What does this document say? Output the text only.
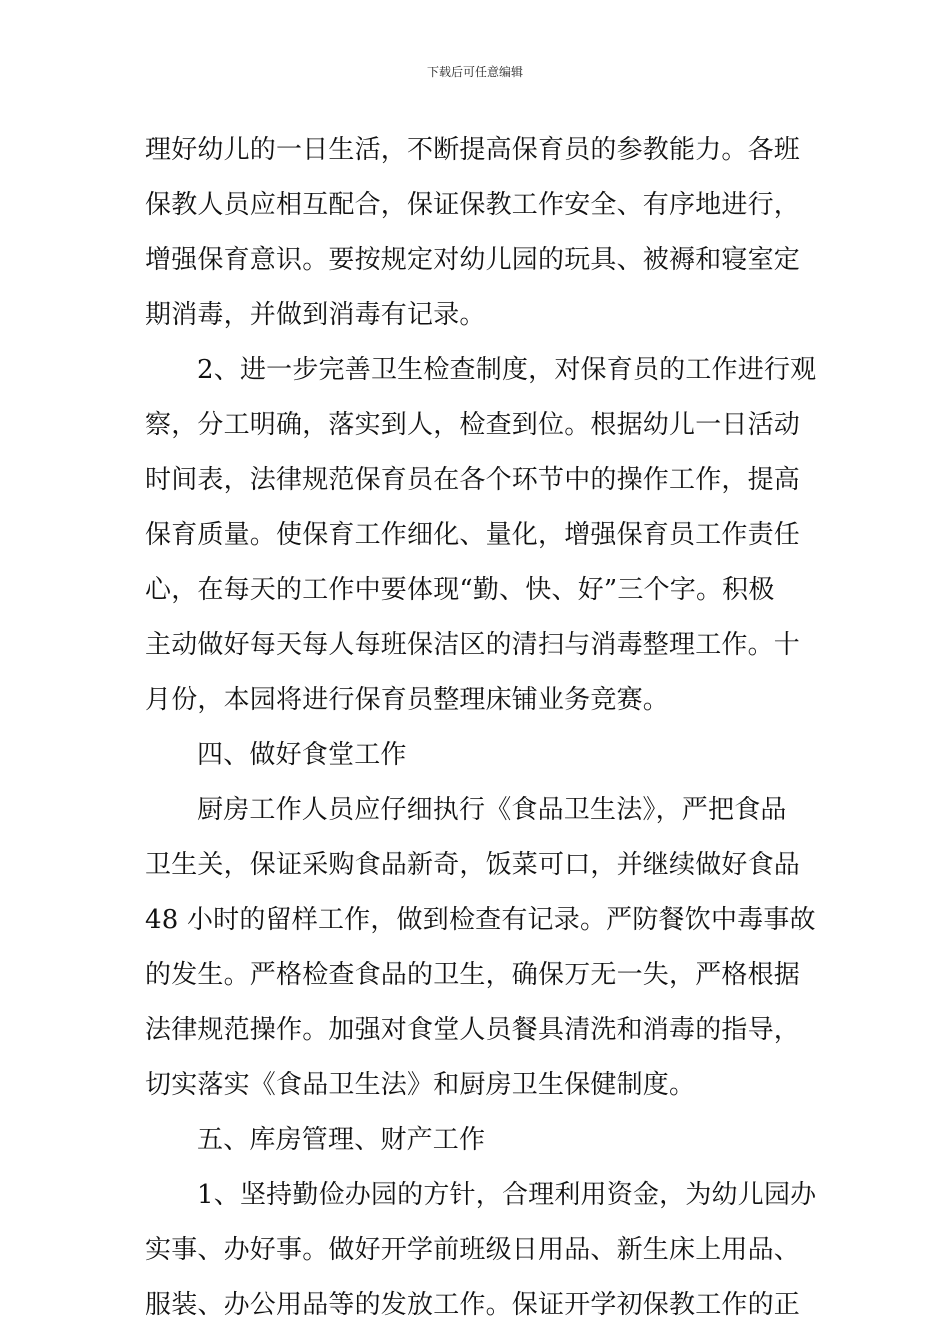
下载后可任意编辑
理好幼儿的一日生活，不断提高保育员的参教能力。各班
保教人员应相互配合，保证保教工作安全、有序地进行，
增强保育意识。要按规定对幼儿园的玩具、被褥和寝室定
期消毒，并做到消毒有记录。
2、进一步完善卫生检查制度，对保育员的工作进行观
察，分工明确，落实到人，检查到位。根据幼儿一日活动
时间表，法律规范保育员在各个环节中的操作工作，提高
保育质量。使保育工作细化、量化，增强保育员工作责任
心，在每天的工作中要体现“勤、快、好”三个字。积极
主动做好每天每人每班保洁区的清扫与消毒整理工作。十
月份，本园将进行保育员整理床铺业务竞赛。
四、做好食堂工作
厨房工作人员应仔细执行《食品卫生法》，严把食品
卫生关，保证采购食品新奇，饭菜可口，并继续做好食品
48 小时的留样工作，做到检查有记录。严防餐饮中毒事故
的发生。严格检查食品的卫生，确保万无一失，严格根据
法律规范操作。加强对食堂人员餐具清洗和消毒的指导，
切实落实《食品卫生法》和厨房卫生保健制度。
五、库房管理、财产工作
1、坚持勤俭办园的方针，合理利用资金，为幼儿园办
实事、办好事。做好开学前班级日用品、新生床上用品、
服装、办公用品等的发放工作。保证开学初保教工作的正
